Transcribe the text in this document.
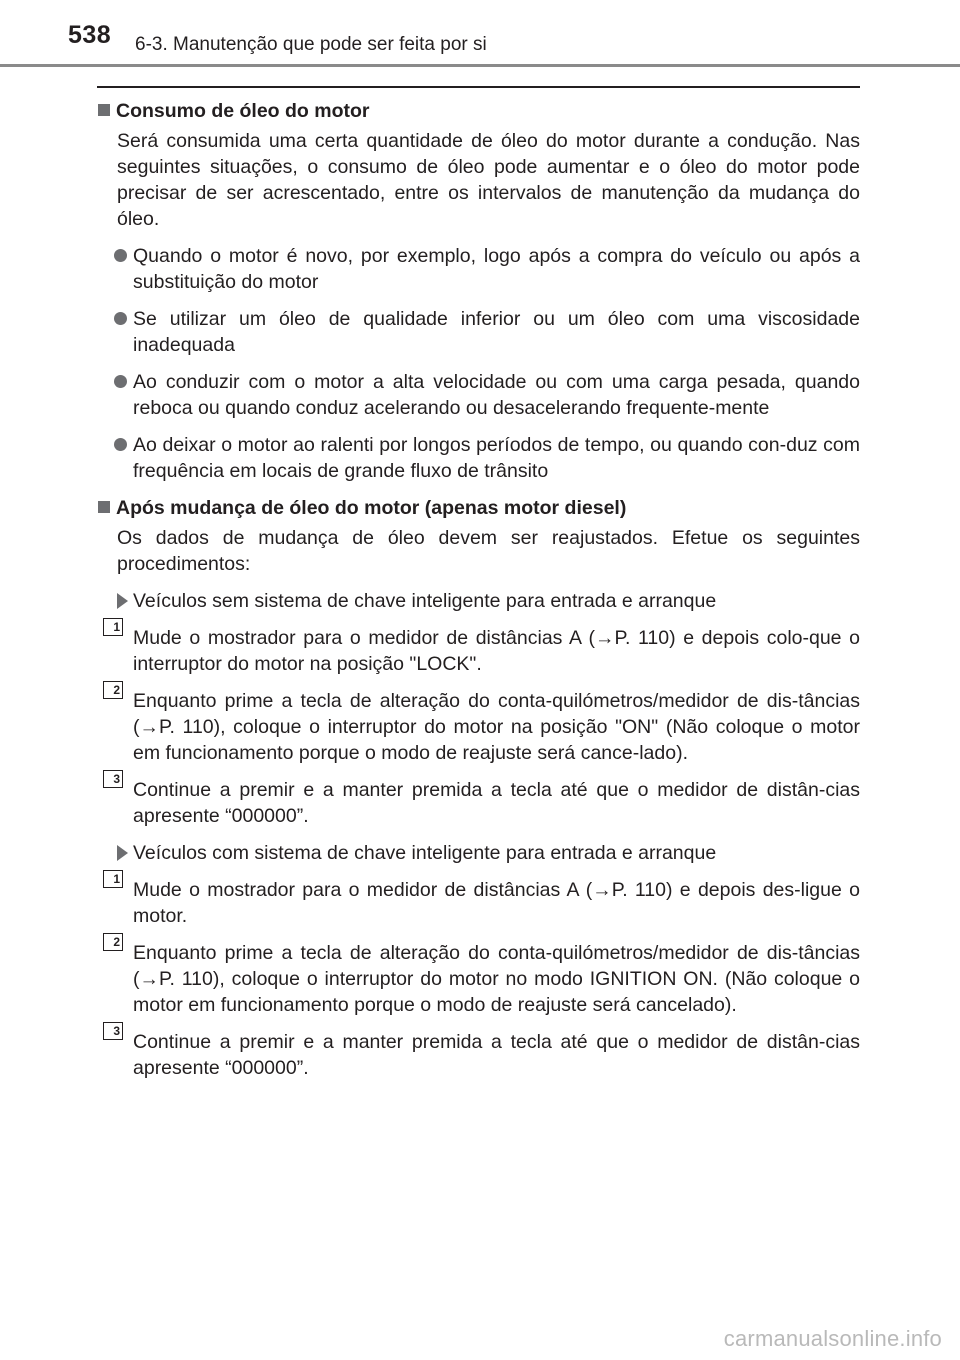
538 6-3. Manutenção que pode ser feita por si
Consumo de óleo do motor
Será consumida uma certa quantidade de óleo do motor durante a condução. Nas seguintes situações, o consumo de óleo pode aumentar e o óleo do motor pode precisar de ser acrescentado, entre os intervalos de manutenção da mudança do óleo.
Quando o motor é novo, por exemplo, logo após a compra do veículo ou após a substituição do motor
Se utilizar um óleo de qualidade inferior ou um óleo com uma viscosidade inadequada
Ao conduzir com o motor a alta velocidade ou com uma carga pesada, quando reboca ou quando conduz acelerando ou desacelerando frequente-mente
Ao deixar o motor ao ralenti por longos períodos de tempo, ou quando con-duz com frequência em locais de grande fluxo de trânsito
Após mudança de óleo do motor (apenas motor diesel)
Os dados de mudança de óleo devem ser reajustados. Efetue os seguintes procedimentos:
Veículos sem sistema de chave inteligente para entrada e arranque
1 Mude o mostrador para o medidor de distâncias A (→P. 110) e depois colo-que o interruptor do motor na posição "LOCK".
2 Enquanto prime a tecla de alteração do conta-quilómetros/medidor de dis-tâncias (→P. 110), coloque o interruptor do motor na posição "ON" (Não coloque o motor em funcionamento porque o modo de reajuste será cance-lado).
3 Continue a premir e a manter premida a tecla até que o medidor de distân-cias apresente “000000”.
Veículos com sistema de chave inteligente para entrada e arranque
1 Mude o mostrador para o medidor de distâncias A (→P. 110) e depois des-ligue o motor.
2 Enquanto prime a tecla de alteração do conta-quilómetros/medidor de dis-tâncias (→P. 110), coloque o interruptor do motor no modo IGNITION ON. (Não coloque o motor em funcionamento porque o modo de reajuste será cancelado).
3 Continue a premir e a manter premida a tecla até que o medidor de distân-cias apresente “000000”.
carmanualsonline.info
